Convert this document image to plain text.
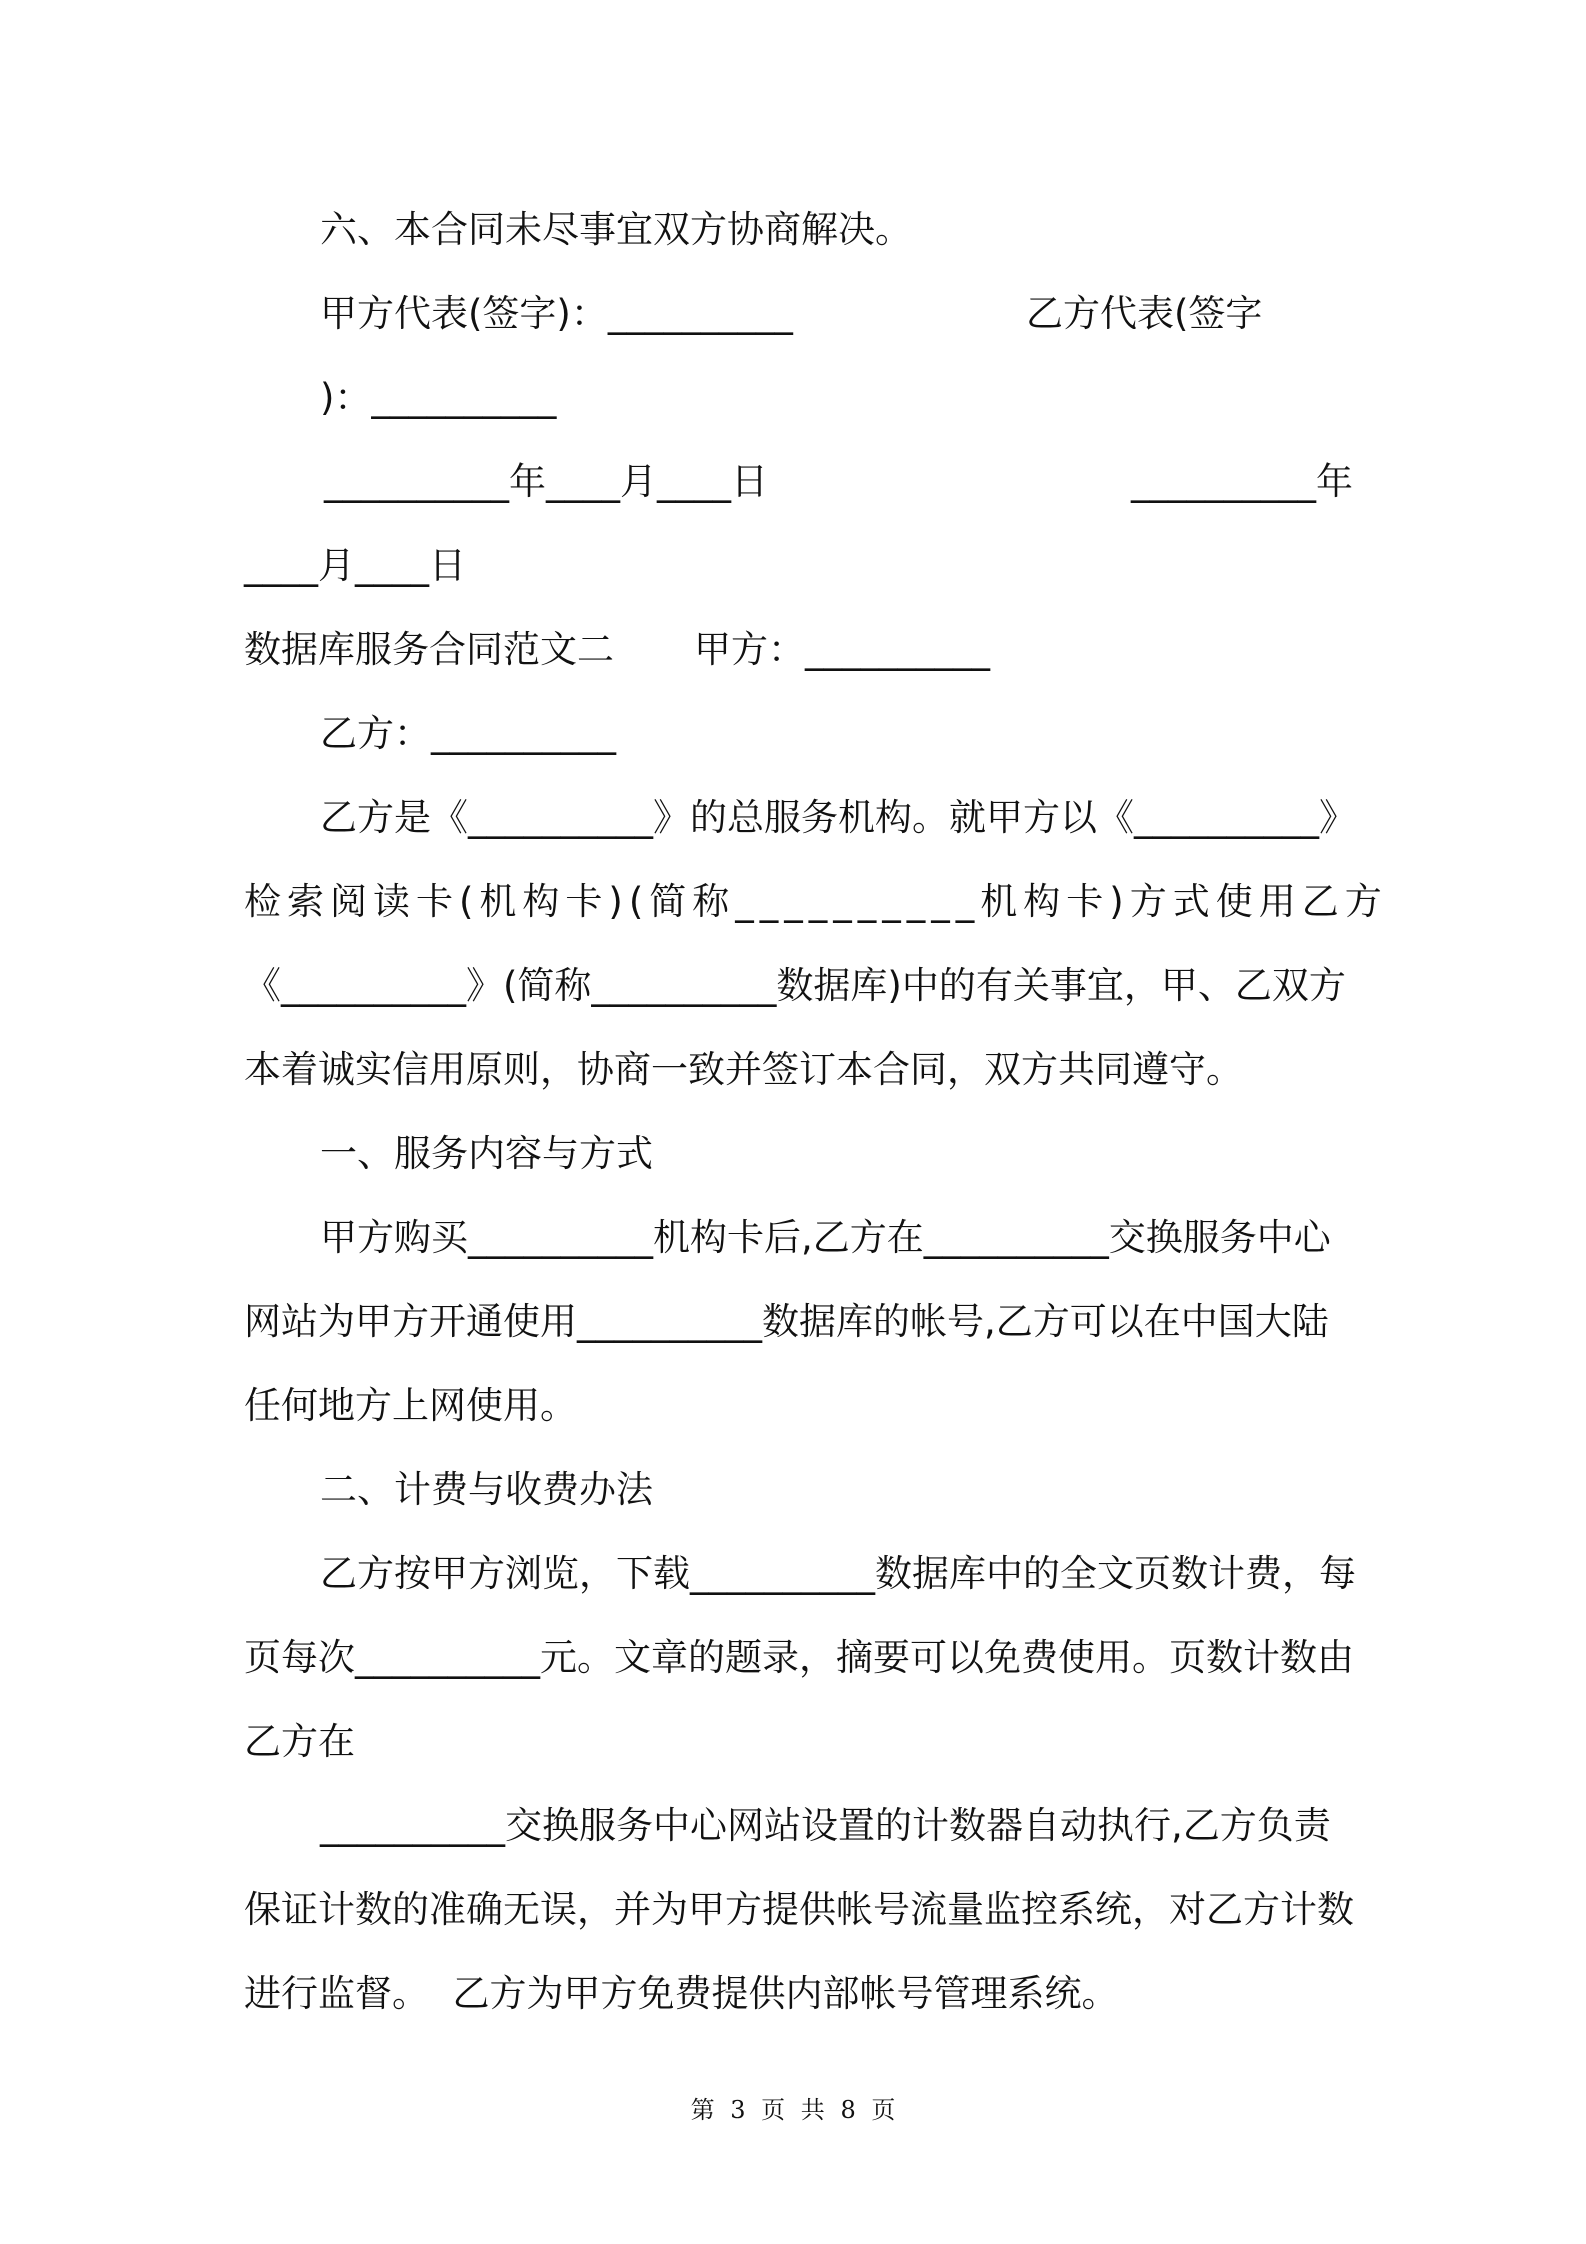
六、本合同未尽事宜双方协商解决。

甲方代表(签字)：__________	乙方代表(签字

)：__________

__________年____月____日	__________年

____月____日

数据库服务合同范文二 甲方：__________

乙方：__________

乙方是《__________》的总服务机构。就甲方以《__________》

检索阅读卡(机构卡)(简称__________机构卡)方式使用乙方

《__________》(简称__________数据库)中的有关事宜，甲、乙双方

本着诚实信用原则，协商一致并签订本合同，双方共同遵守。

一、服务内容与方式

甲方购买__________机构卡后,乙方在__________交换服务中心

网站为甲方开通使用__________数据库的帐号,乙方可以在中国大陆

任何地方上网使用。

二、计费与收费办法

乙方按甲方浏览，下载__________数据库中的全文页数计费，每

页每次__________元。文章的题录，摘要可以免费使用。页数计数由

乙方在

__________交换服务中心网站设置的计数器自动执行,乙方负责

保证计数的准确无误，并为甲方提供帐号流量监控系统，对乙方计数

进行监督。  乙方为甲方免费提供内部帐号管理系统。

第 3 页 共 8 页
